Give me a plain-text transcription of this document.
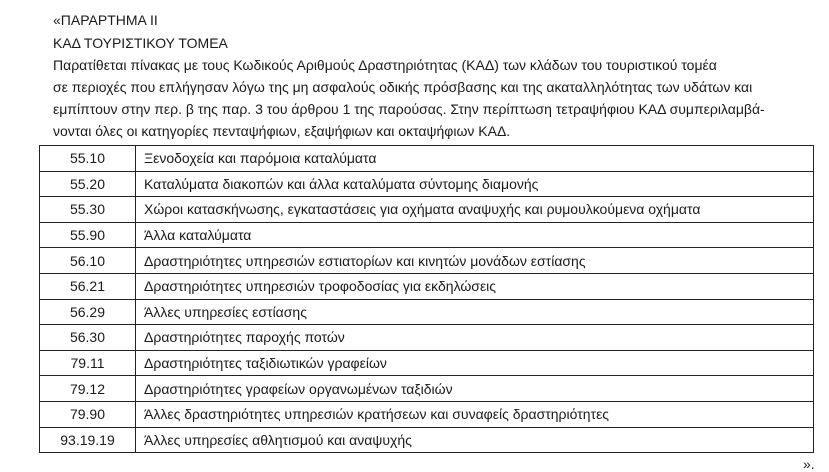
«ΠΑΡΑΡΤΗΜΑ ΙΙ
ΚΑΔ ΤΟΥΡΙΣΤΙΚΟΥ ΤΟΜΕΑ
Παρατίθεται πίνακας με τους Κωδικούς Αριθμούς Δραστηριότητας (ΚΑΔ) των κλάδων του τουριστικού τομέα
σε περιοχές που επλήγησαν λόγω της μη ασφαλούς οδικής πρόσβασης και της ακαταλληλότητας των υδάτων και
εμπίπτουν στην περ. β της παρ. 3 του άρθρου 1 της παρούσας. Στην περίπτωση τετραψήφιου ΚΑΔ συμπεριλαμβά-
νονται όλες οι κατηγορίες πενταψήφιων, εξαψήφιων και οκταψήφιων ΚΑΔ.
55.10	Ξενοδοχεία και παρόμοια καταλύματα
55.20	Καταλύματα διακοπών και άλλα καταλύματα σύντομης διαμονής
55.30	Χώροι κατασκήνωσης, εγκαταστάσεις για οχήματα αναψυχής και ρυμουλκούμενα οχήματα
55.90	Άλλα καταλύματα
56.10	Δραστηριότητες υπηρεσιών εστιατορίων και κινητών μονάδων εστίασης
56.21	Δραστηριότητες υπηρεσιών τροφοδοσίας για εκδηλώσεις
56.29	Άλλες υπηρεσίες εστίασης
56.30	Δραστηριότητες παροχής ποτών
79.11	Δραστηριότητες ταξιδιωτικών γραφείων
79.12	Δραστηριότητες γραφείων οργανωμένων ταξιδιών
79.90	Άλλες δραστηριότητες υπηρεσιών κρατήσεων και συναφείς δραστηριότητες
93.19.19	Άλλες υπηρεσίες αθλητισμού και αναψυχής
».
